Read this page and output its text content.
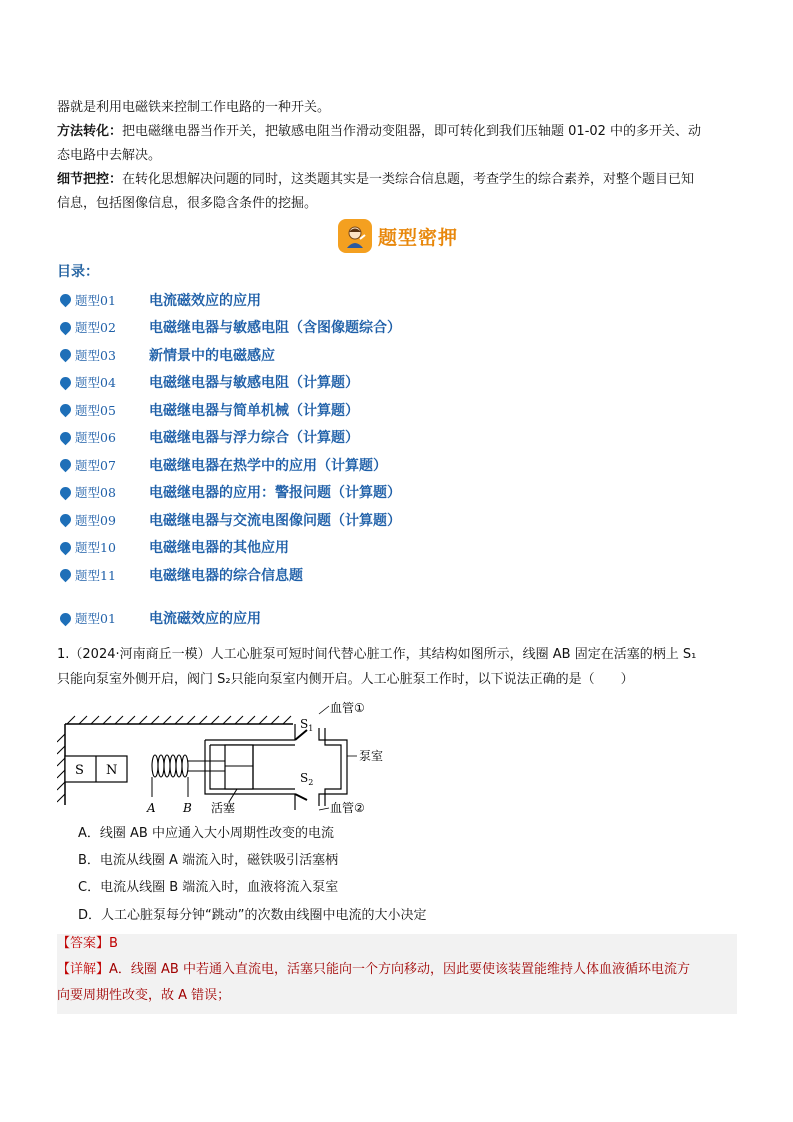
器就是利用电磁铁来控制工作电路的一种开关。
方法转化：把电磁继电器当作开关，把敏感电阻当作滑动变阻器，即可转化到我们压轴题 01-02 中的多开关、动
态电路中去解决。
细节把控：在转化思想解决问题的同时，这类题其实是一类综合信息题，考查学生的综合素养，对整个题目已知
信息，包括图像信息，很多隐含条件的挖掘。
题型密押
目录：
题型01	电流磁效应的应用
题型02	电磁继电器与敏感电阻（含图像题综合）
题型03	新情景中的电磁感应
题型04	电磁继电器与敏感电阻（计算题）
题型05	电磁继电器与简单机械（计算题）
题型06	电磁继电器与浮力综合（计算题）
题型07	电磁继电器在热学中的应用（计算题）
题型08	电磁继电器的应用：警报问题（计算题）
题型09	电磁继电器与交流电图像问题（计算题）
题型10	电磁继电器的其他应用
题型11	电磁继电器的综合信息题
题型01	电流磁效应的应用
1.（2024·河南商丘一模）人工心脏泵可短时间代替心脏工作，其结构如图所示，线圈 AB 固定在活塞的柄上 S₁
只能向泵室外侧开启，阀门 S₂只能向泵室内侧开启。人工心脏泵工作时，以下说法正确的是（　　）
S N
A B 活塞
$S_1$
$S_2$
血管①
泵室
血管②
A．线圈 AB 中应通入大小周期性改变的电流
B．电流从线圈 A 端流入时，磁铁吸引活塞柄
C．电流从线圈 B 端流入时，血液将流入泵室
D．人工心脏泵每分钟“跳动”的次数由线圈中电流的大小决定
【答案】B
【详解】A．线圈 AB 中若通入直流电，活塞只能向一个方向移动，因此要使该装置能维持人体血液循环电流方
向要周期性改变，故 A 错误；
